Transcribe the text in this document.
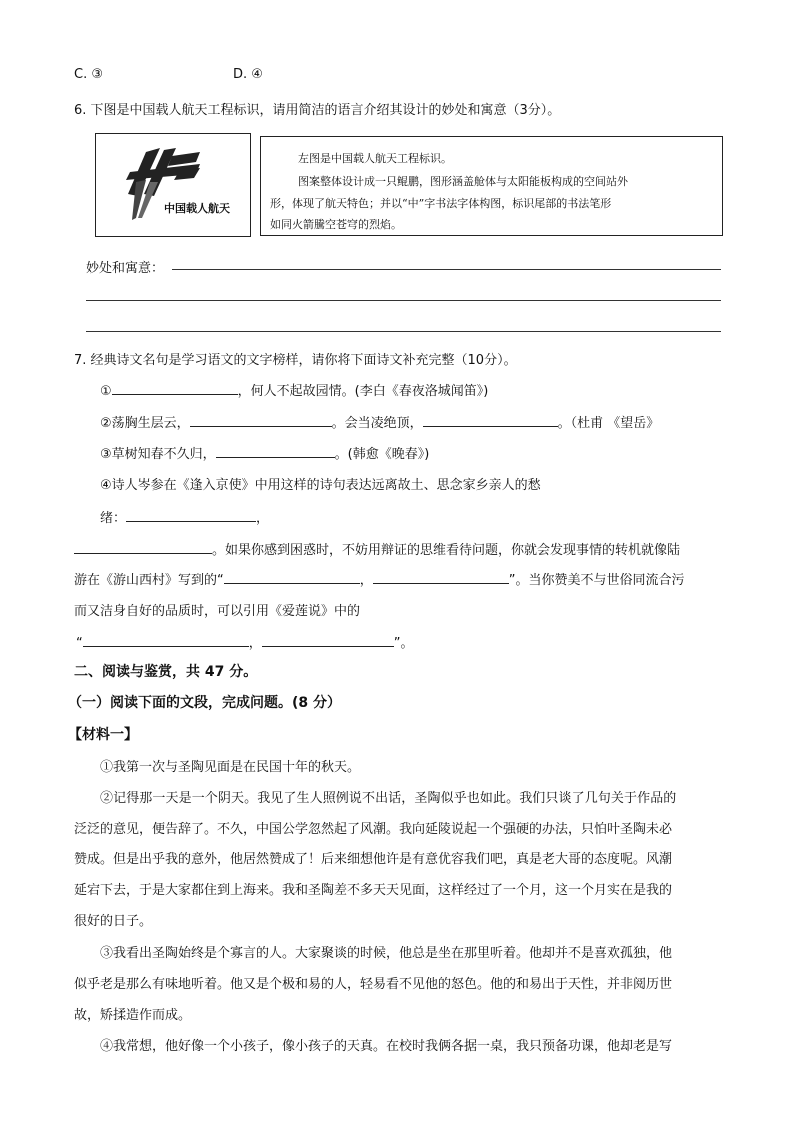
C. ③	D. ④
6. 下图是中国载人航天工程标识，请用简洁的语言介绍其设计的妙处和寓意（3分）。
中国载人航天
左图是中国载人航天工程标识。
图案整体设计成一只鲲鹏，图形涵盖舱体与太阳能板构成的空间站外
形，体现了航天特色；并以“中”字书法字体构图，标识尾部的书法笔形
如同火箭騰空苍穹的烈焰。
妙处和寓意：
7. 经典诗文名句是学习语文的文字榜样，请你将下面诗文补充完整（10分）。
①	，何人不起故园情。(李白《春夜洛城闻笛》)
②荡胸生层云，	。会当凌绝顶，	。（杜甫 《望岳》
③草树知春不久归，	。(韩愈《晚春》)
④诗人岑参在《逢入京使》中用这样的诗句表达远离故土、思念家乡亲人的愁
绪：	，
。如果你感到困惑时，不妨用辩证的思维看待问题，你就会发现事情的转机就像陆
游在《游山西村》写到的“	，	”。当你赞美不与世俗同流合污
而又洁身自好的品质时，可以引用《爱莲说》中的
“	，	”。
二、阅读与鉴赏，共 47 分。
（一）阅读下面的文段，完成问题。(8 分）
【材料一】
①我第一次与圣陶见面是在民国十年的秋天。
②记得那一天是一个阴天。我见了生人照例说不出话，圣陶似乎也如此。我们只谈了几句关于作品的
泛泛的意见，便告辞了。不久，中国公学忽然起了风潮。我向延陵说起一个强硬的办法，只怕叶圣陶未必
赞成。但是出乎我的意外，他居然赞成了！后来细想他许是有意优容我们吧，真是老大哥的态度呢。风潮
延宕下去，于是大家都住到上海来。我和圣陶差不多天天见面，这样经过了一个月，这一个月实在是我的
很好的日子。
③我看出圣陶始终是个寡言的人。大家聚谈的时候，他总是坐在那里听着。他却并不是喜欢孤独，他
似乎老是那么有味地听着。他又是个极和易的人，轻易看不见他的怒色。他的和易出于天性，并非阅历世
故，矫揉造作而成。
④我常想，他好像一个小孩子，像小孩子的天真。在校时我俩各据一桌，我只预备功课，他却老是写
